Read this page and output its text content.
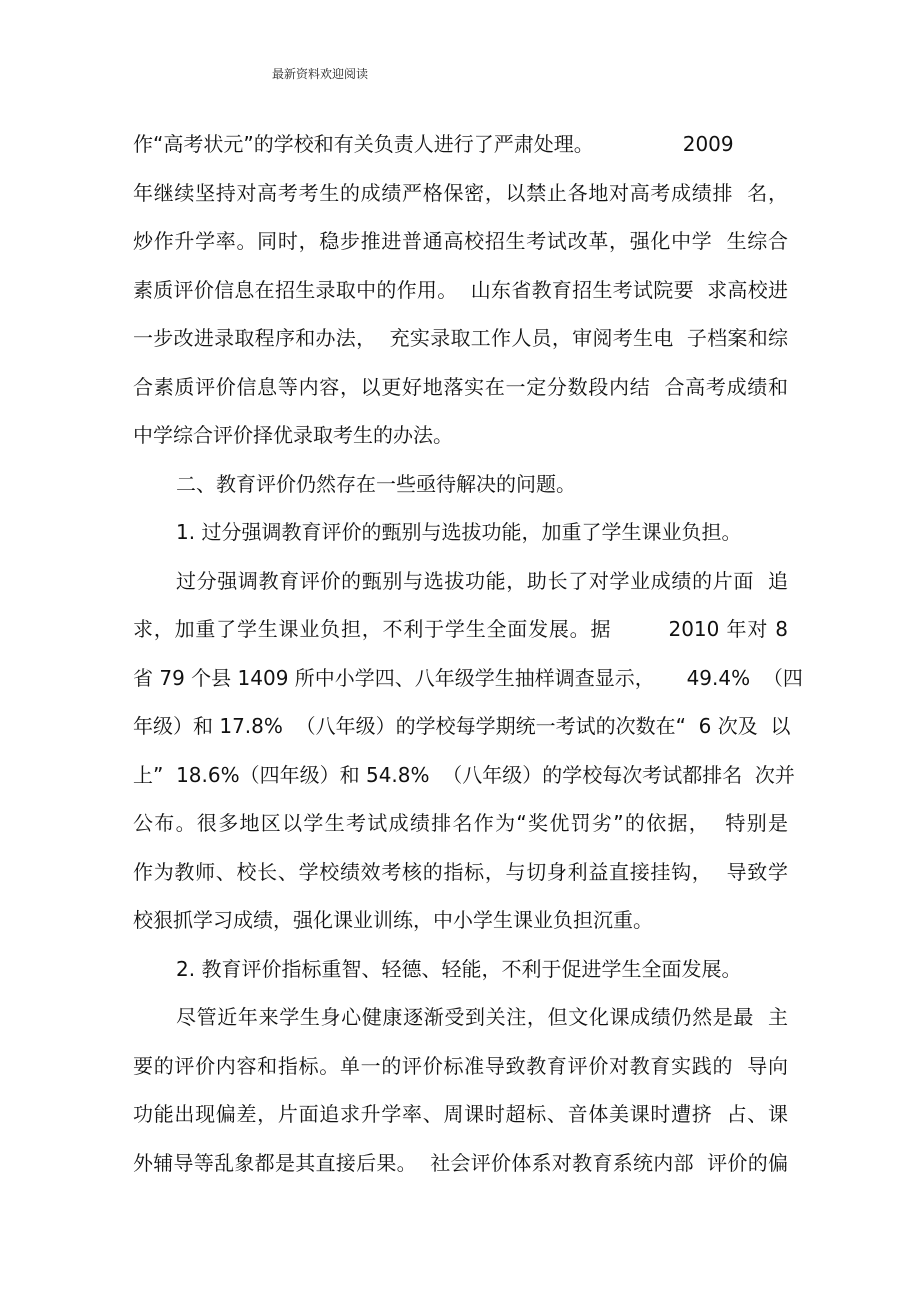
最新资料欢迎阅读
作“高考状元”的学校和有关负责人进行了严肃处理。              2009
年继续坚持对高考考生的成绩严格保密，以禁止各地对高考成绩排  名，
炒作升学率。同时，稳步推进普通高校招生考试改革，强化中学  生综合
素质评价信息在招生录取中的作用。  山东省教育招生考试院要  求高校进
一步改进录取程序和办法，  充实录取工作人员，审阅考生电  子档案和综
合素质评价信息等内容，以更好地落实在一定分数段内结  合高考成绩和
中学综合评价择优录取考生的办法。
二、教育评价仍然存在一些亟待解决的问题。
1. 过分强调教育评价的甄别与选拔功能，加重了学生课业负担。
过分强调教育评价的甄别与选拔功能，助长了对学业成绩的片面  追
求，加重了学生课业负担，不利于学生全面发展。据        2010 年对 8
省 79 个县 1409 所中小学四、八年级学生抽样调查显示，     49.4%  （四
年级）和 17.8%  （八年级）的学校每学期统一考试的次数在“  6 次及  以
上”  18.6%（四年级）和 54.8%  （八年级）的学校每次考试都排名  次并
公布。很多地区以学生考试成绩排名作为“奖优罚劣”的依据，  特别是
作为教师、校长、学校绩效考核的指标，与切身利益直接挂钩，  导致学
校狠抓学习成绩，强化课业训练，中小学生课业负担沉重。
2. 教育评价指标重智、轻德、轻能，不利于促进学生全面发展。
尽管近年来学生身心健康逐渐受到关注，但文化课成绩仍然是最  主
要的评价内容和指标。单一的评价标准导致教育评价对教育实践的  导向
功能出现偏差，片面追求升学率、周课时超标、音体美课时遭挤  占、课
外辅导等乱象都是其直接后果。  社会评价体系对教育系统内部  评价的偏
